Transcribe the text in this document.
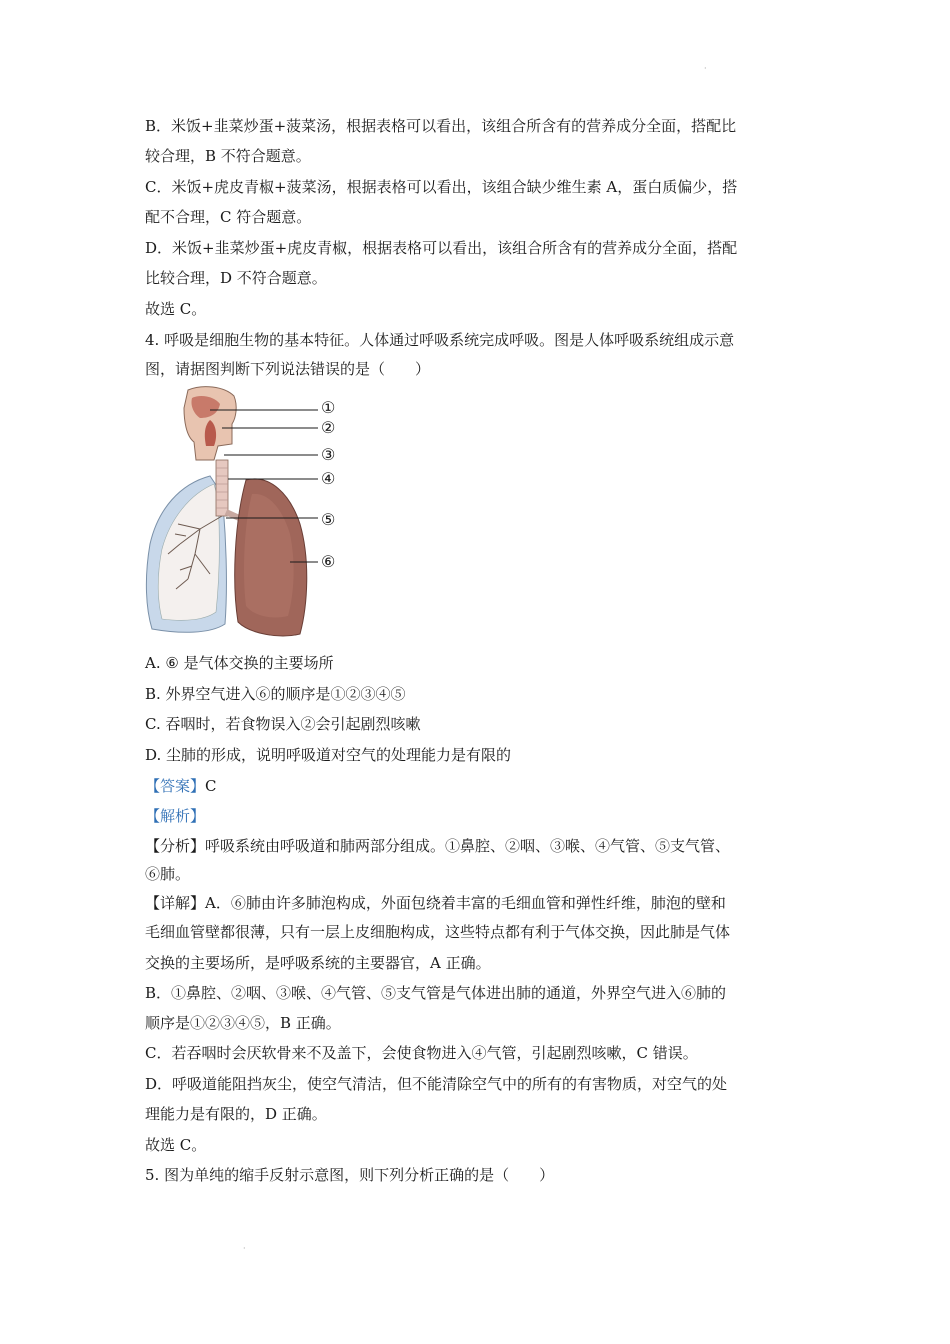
·
B．米饭+韭菜炒蛋+菠菜汤，根据表格可以看出，该组合所含有的营养成分全面，搭配比
较合理，B 不符合题意。
C．米饭+虎皮青椒+菠菜汤，根据表格可以看出，该组合缺少维生素 A，蛋白质偏少，搭
配不合理，C 符合题意。
D．米饭+韭菜炒蛋+虎皮青椒，根据表格可以看出，该组合所含有的营养成分全面，搭配
比较合理，D 不符合题意。
故选 C。
4. 呼吸是细胞生物的基本特征。人体通过呼吸系统完成呼吸。图是人体呼吸系统组成示意
图，请据图判断下列说法错误的是（　　）
①
②
③
④
⑤
⑥
A. ⑥ 是气体交换的主要场所
B. 外界空气进入⑥的顺序是①②③④⑤
C. 吞咽时，若食物误入②会引起剧烈咳嗽
D. 尘肺的形成，说明呼吸道对空气的处理能力是有限的
【答案】C
【解析】
【分析】呼吸系统由呼吸道和肺两部分组成。①鼻腔、②咽、③喉、④气管、⑤支气管、
⑥肺。
【详解】A．⑥肺由许多肺泡构成，外面包绕着丰富的毛细血管和弹性纤维，肺泡的壁和
毛细血管壁都很薄，只有一层上皮细胞构成，这些特点都有利于气体交换，因此肺是气体
交换的主要场所，是呼吸系统的主要器官，A 正确。
B．①鼻腔、②咽、③喉、④气管、⑤支气管是气体进出肺的通道，外界空气进入⑥肺的
顺序是①②③④⑤，B 正确。
C．若吞咽时会厌软骨来不及盖下，会使食物进入④气管，引起剧烈咳嗽，C 错误。
D．呼吸道能阻挡灰尘，使空气清洁，但不能清除空气中的所有的有害物质，对空气的处
理能力是有限的，D 正确。
故选 C。
5. 图为单纯的缩手反射示意图，则下列分析正确的是（　　）
·
